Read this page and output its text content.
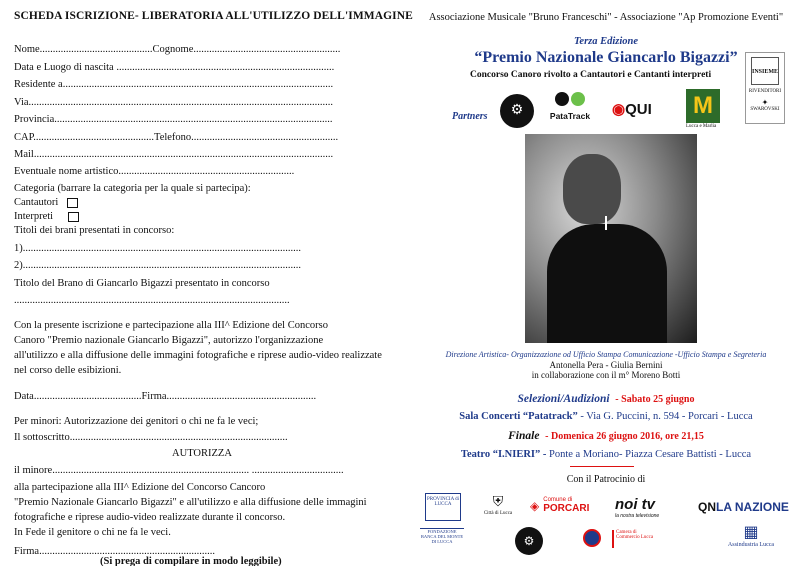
SCHEDA ISCRIZIONE- LIBERATORIA ALL'UTILIZZO DELL'IMMAGINE
Nome...........................................Cognome........................................................
Data e Luogo di nascita ...................................................................................
Residente a.......................................................................................................
Via....................................................................................................................
Provincia..........................................................................................................
CAP..............................................Telefono........................................................
Mail..................................................................................................................
Eventuale nome artistico...................................................................
Categoria (barrare la categoria per la quale si partecipa):
Cantautori
Interpreti
Titoli dei brani presentati in concorso:
1)..........................................................................................................
2)..........................................................................................................
Titolo del Brano di Giancarlo Bigazzi presentato in concorso
.........................................................................................................
Con la presente iscrizione e partecipazione alla III^ Edizione del Concorso
Canoro "Premio nazionale Giancarlo Bigazzi", autorizzo l'organizzazione
all'utilizzo e alla diffusione delle immagini fotografiche e riprese audio-video realizzate
nel corso delle esibizioni.
Data.........................................Firma.........................................................
Per minori: Autorizzazione dei genitori o chi ne fa le veci;
Il sottoscritto...................................................................................
AUTORIZZA
il minore........................................................................... ...................................
alla partecipazione alla III^ Edizione del Concorso Cancoro
"Premio Nazionale Giancarlo Bigazzi" e all'utilizzo e alla diffusione delle immagini
fotografiche e riprese audio-video realizzate durante il concorso.
In Fede il genitore o chi ne fa le veci.
Firma...................................................................
(Si prega di compilare in modo leggibile)
Associazione Musicale "Bruno Franceschi" - Associazione "Ap Promozione Eventi"
Terza Edizione
“Premio Nazionale Giancarlo Bigazzi”
Concorso Canoro rivolto a Cantautori e Cantanti interpreti	INSIEME
RIVENDITORI
✦
SWAROVSKI
Partners	⚙	PataTrack	◉QUI	M
Lucca e Marlia
Direzione Artistica- Organizzazione od Ufficio Stampa Comunicazione -Ufficio Stampa e Segreteria
Antonella Pera - Giulia Bernini
in collaborazione con il m° Moreno Botti
Selezioni/Audizioni - Sabato 25 giugno
Sala Concerti “Patatrack” - Via G. Puccini, n. 594 - Porcari - Lucca
Finale - Domenica 26 giugno 2016, ore 21,15
Teatro “I.NIERI” - Ponte a Moriano- Piazza Cesare Battisti - Lucca
Con il Patrocinio di
PROVINCIA di LUCCA	⛨
Città di Lucca
◈ Comune di
PORCARI noi tv
la nostra televisione
QNLA NAZIONE
FONDAZIONE BANCA DEL MONTE DI LUCCA	⚙
Camera di Commercio Lucca	▦
Assindustria Lucca
